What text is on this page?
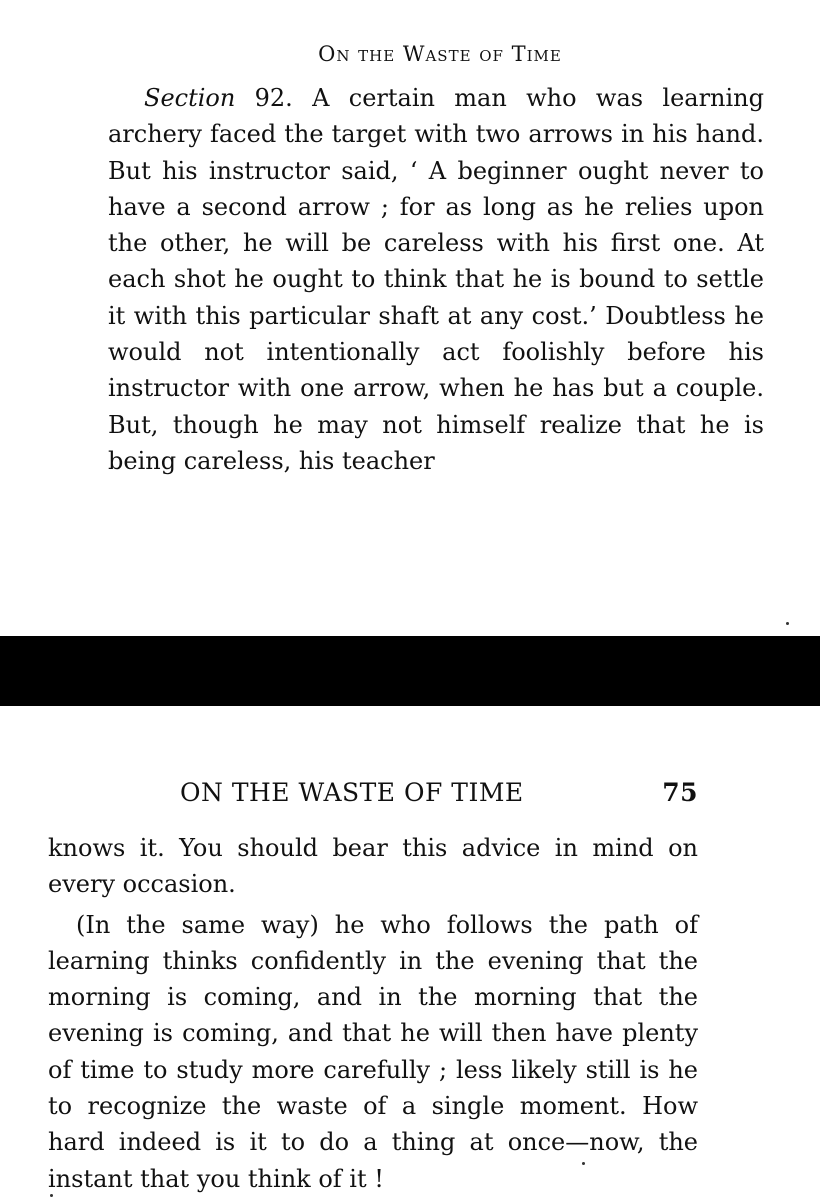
On the Waste of Time

Section 92. A certain man who was learning archery faced the target with two arrows in his hand. But his instructor said, ‘ A beginner ought never to have a second arrow ; for as long as he relies upon the other, he will be careless with his first one. At each shot he ought to think that he is bound to settle it with this particular shaft at any cost.’ Doubtless he would not intentionally act foolishly before his instructor with one arrow, when he has but a couple. But, though he may not himself realize that he is being careless, his teacher

ON THE WASTE OF TIME	75

knows it. You should bear this advice in mind on every occasion.

(In the same way) he who follows the path of learning thinks confidently in the evening that the morning is coming, and in the morning that the evening is coming, and that he will then have plenty of time to study more carefully ; less likely still is he to recognize the waste of a single moment. How hard indeed is it to do a thing at once—now, the instant that you think of it !
